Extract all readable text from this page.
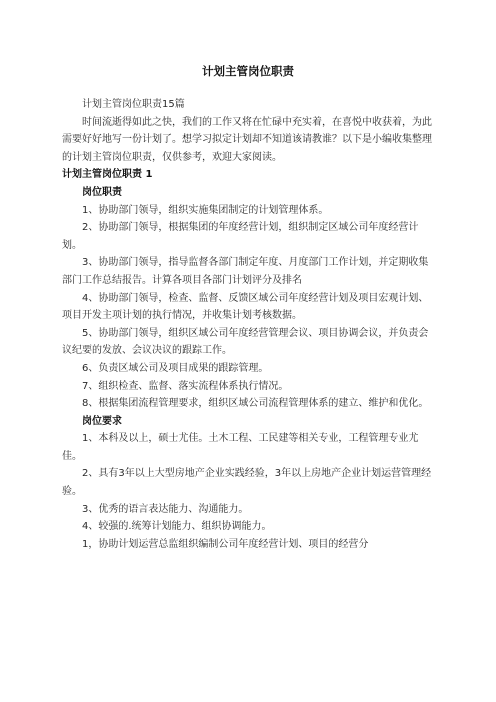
计划主管岗位职责

计划主管岗位职责15篇

时间流逝得如此之快，我们的工作又将在忙碌中充实着，在喜悦中收获着，为此需要好好地写一份计划了。想学习拟定计划却不知道该请教谁？以下是小编收集整理的计划主管岗位职责，仅供参考，欢迎大家阅读。

计划主管岗位职责 1

岗位职责

1、协助部门领导，组织实施集团制定的计划管理体系。

2、协助部门领导，根据集团的年度经营计划，组织制定区域公司年度经营计划。

3、协助部门领导，指导监督各部门制定年度、月度部门工作计划，并定期收集部门工作总结报告。计算各项目各部门计划评分及排名

4、协助部门领导，检查、监督、反馈区域公司年度经营计划及项目宏观计划、项目开发主项计划的执行情况，并收集计划考核数据。

5、协助部门领导，组织区域公司年度经营管理会议、项目协调会议，并负责会议纪要的发放、会议决议的跟踪工作。

6、负责区域公司及项目成果的跟踪管理。

7、组织检查、监督、落实流程体系执行情况。

8、根据集团流程管理要求，组织区域公司流程管理体系的建立、维护和优化。

岗位要求

1、本科及以上，硕士尤佳。土木工程、工民建等相关专业，工程管理专业尤佳。

2、具有3年以上大型房地产企业实践经验，3年以上房地产企业计划运营管理经验。

3、优秀的语言表达能力、沟通能力。

4、较强的.统筹计划能力、组织协调能力。

1，协助计划运营总监组织编制公司年度经营计划、项目的经营分
